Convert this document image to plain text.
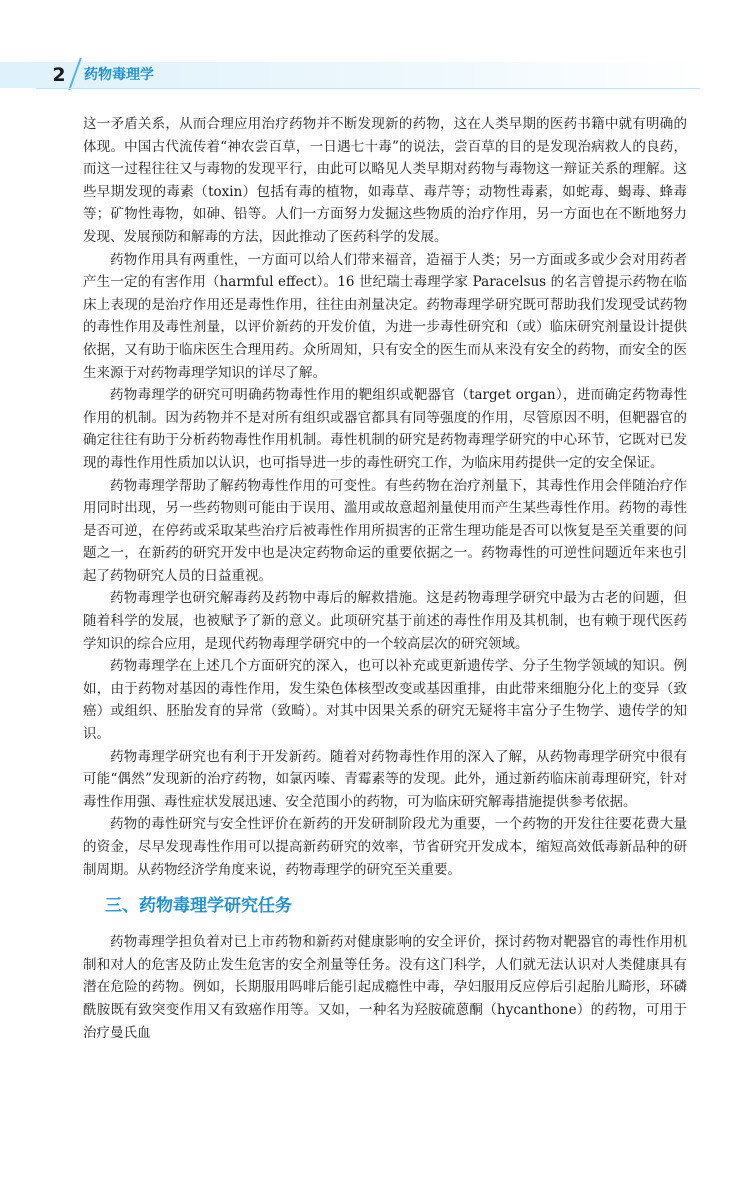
2	药物毒理学

这一矛盾关系，从而合理应用治疗药物并不断发现新的药物，这在人类早期的医药书籍中就有明确的体现。中国古代流传着“神农尝百草，一日遇七十毒”的说法，尝百草的目的是发现治病救人的良药，而这一过程往往又与毒物的发现平行，由此可以略见人类早期对药物与毒物这一辩证关系的理解。这些早期发现的毒素（toxin）包括有毒的植物，如毒草、毒芹等；动物性毒素，如蛇毒、蝎毒、蜂毒等；矿物性毒物，如砷、铅等。人们一方面努力发掘这些物质的治疗作用，另一方面也在不断地努力发现、发展预防和解毒的方法，因此推动了医药科学的发展。

药物作用具有两重性，一方面可以给人们带来福音，造福于人类；另一方面或多或少会对用药者产生一定的有害作用（harmful effect）。16 世纪瑞士毒理学家 Paracelsus 的名言曾提示药物在临床上表现的是治疗作用还是毒性作用，往往由剂量决定。药物毒理学研究既可帮助我们发现受试药物的毒性作用及毒性剂量，以评价新药的开发价值，为进一步毒性研究和（或）临床研究剂量设计提供依据，又有助于临床医生合理用药。众所周知，只有安全的医生而从来没有安全的药物，而安全的医生来源于对药物毒理学知识的详尽了解。

药物毒理学的研究可明确药物毒性作用的靶组织或靶器官（target organ），进而确定药物毒性作用的机制。因为药物并不是对所有组织或器官都具有同等强度的作用，尽管原因不明，但靶器官的确定往往有助于分析药物毒性作用机制。毒性机制的研究是药物毒理学研究的中心环节，它既对已发现的毒性作用性质加以认识，也可指导进一步的毒性研究工作，为临床用药提供一定的安全保证。

药物毒理学帮助了解药物毒性作用的可变性。有些药物在治疗剂量下，其毒性作用会伴随治疗作用同时出现，另一些药物则可能由于误用、滥用或故意超剂量使用而产生某些毒性作用。药物的毒性是否可逆，在停药或采取某些治疗后被毒性作用所损害的正常生理功能是否可以恢复是至关重要的问题之一，在新药的研究开发中也是决定药物命运的重要依据之一。药物毒性的可逆性问题近年来也引起了药物研究人员的日益重视。

药物毒理学也研究解毒药及药物中毒后的解救措施。这是药物毒理学研究中最为古老的问题，但随着科学的发展，也被赋予了新的意义。此项研究基于前述的毒性作用及其机制，也有赖于现代医药学知识的综合应用，是现代药物毒理学研究中的一个较高层次的研究领域。

药物毒理学在上述几个方面研究的深入，也可以补充或更新遗传学、分子生物学领域的知识。例如，由于药物对基因的毒性作用，发生染色体核型改变或基因重排，由此带来细胞分化上的变异（致癌）或组织、胚胎发育的异常（致畸）。对其中因果关系的研究无疑将丰富分子生物学、遗传学的知识。

药物毒理学研究也有利于开发新药。随着对药物毒性作用的深入了解，从药物毒理学研究中很有可能“偶然”发现新的治疗药物，如氯丙嗪、青霉素等的发现。此外，通过新药临床前毒理研究，针对毒性作用强、毒性症状发展迅速、安全范围小的药物，可为临床研究解毒措施提供参考依据。

药物的毒性研究与安全性评价在新药的开发研制阶段尤为重要，一个药物的开发往往要花费大量的资金，尽早发现毒性作用可以提高新药研究的效率，节省研究开发成本，缩短高效低毒新品种的研制周期。从药物经济学角度来说，药物毒理学的研究至关重要。

三、药物毒理学研究任务

药物毒理学担负着对已上市药物和新药对健康影响的安全评价，探讨药物对靶器官的毒性作用机制和对人的危害及防止发生危害的安全剂量等任务。没有这门科学，人们就无法认识对人类健康具有潜在危险的药物。例如，长期服用吗啡后能引起成瘾性中毒，孕妇服用反应停后引起胎儿畸形，环磷酰胺既有致突变作用又有致癌作用等。又如，一种名为羟胺硫蒽酮（hycanthone）的药物，可用于治疗曼氏血
